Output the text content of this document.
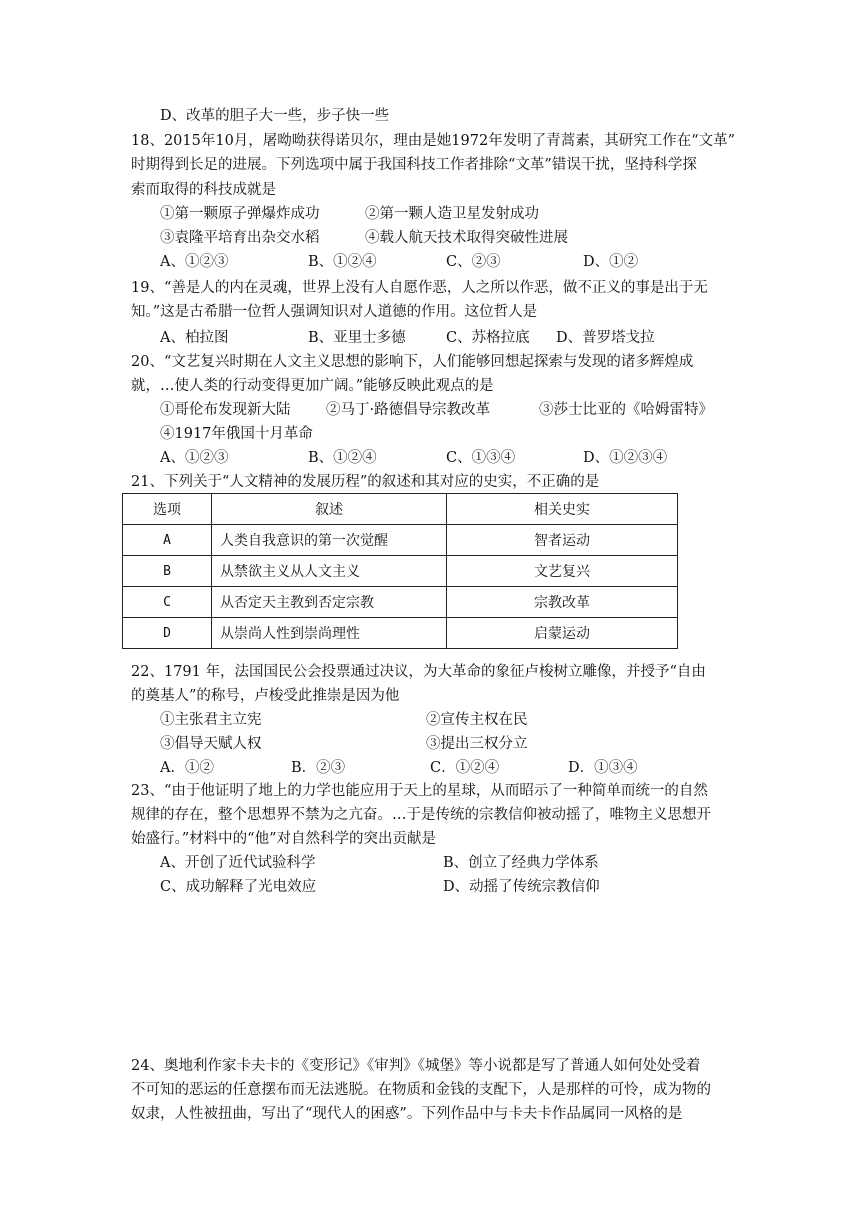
D、改革的胆子大一些，步子快一些
18、2015年10月，屠呦呦获得诺贝尔，理由是她1972年发明了青蒿素，其研究工作在“文革”
时期得到长足的进展。下列选项中属于我国科技工作者排除“文革”错误干扰，坚持科学探
索而取得的科技成就是
①第一颗原子弹爆炸成功	②第一颗人造卫星发射成功
③袁隆平培育出杂交水稻	④载人航天技术取得突破性进展
A、①②③	B、①②④	C、②③	D、①②
19、“善是人的内在灵魂，世界上没有人自愿作恶，人之所以作恶，做不正义的事是出于无
知。”这是古希腊一位哲人强调知识对人道德的作用。这位哲人是
A、柏拉图	B、亚里士多德	C、苏格拉底 D、普罗塔戈拉
20、“文艺复兴时期在人文主义思想的影响下，人们能够回想起探索与发现的诸多辉煌成
就，…使人类的行动变得更加广阔。”能够反映此观点的是
①哥伦布发现新大陆 ②马丁·路德倡导宗教改革	③莎士比亚的《哈姆雷特》
④1917年俄国十月革命
A、①②③	B、①②④	C、①③④	D、①②③④
21、下列关于“人文精神的发展历程”的叙述和其对应的史实，不正确的是
选项	叙述	相关史实
A	人类自我意识的第一次觉醒	智者运动
B	从禁欲主义从人文主义	文艺复兴
C	从否定天主教到否定宗教	宗教改革
D	从崇尚人性到崇尚理性	启蒙运动
22、1791 年，法国国民公会投票通过决议，为大革命的象征卢梭树立雕像，并授予“自由
的奠基人”的称号，卢梭受此推崇是因为他
①主张君主立宪	②宣传主权在民
③倡导天赋人权	③提出三权分立
A．①②	B．②③	C．①②④	D．①③④
23、“由于他证明了地上的力学也能应用于天上的星球，从而昭示了一种简单而统一的自然
规律的存在，整个思想界不禁为之亢奋。…于是传统的宗教信仰被动摇了，唯物主义思想开
始盛行。”材料中的“他”对自然科学的突出贡献是
A、开创了近代试验科学	B、创立了经典力学体系
C、成功解释了光电效应	D、动摇了传统宗教信仰
24、奥地利作家卡夫卡的《变形记》《审判》《城堡》等小说都是写了普通人如何处处受着
不可知的恶运的任意摆布而无法逃脱。在物质和金钱的支配下，人是那样的可怜，成为物的
奴隶，人性被扭曲，写出了“现代人的困惑”。下列作品中与卡夫卡作品属同一风格的是
